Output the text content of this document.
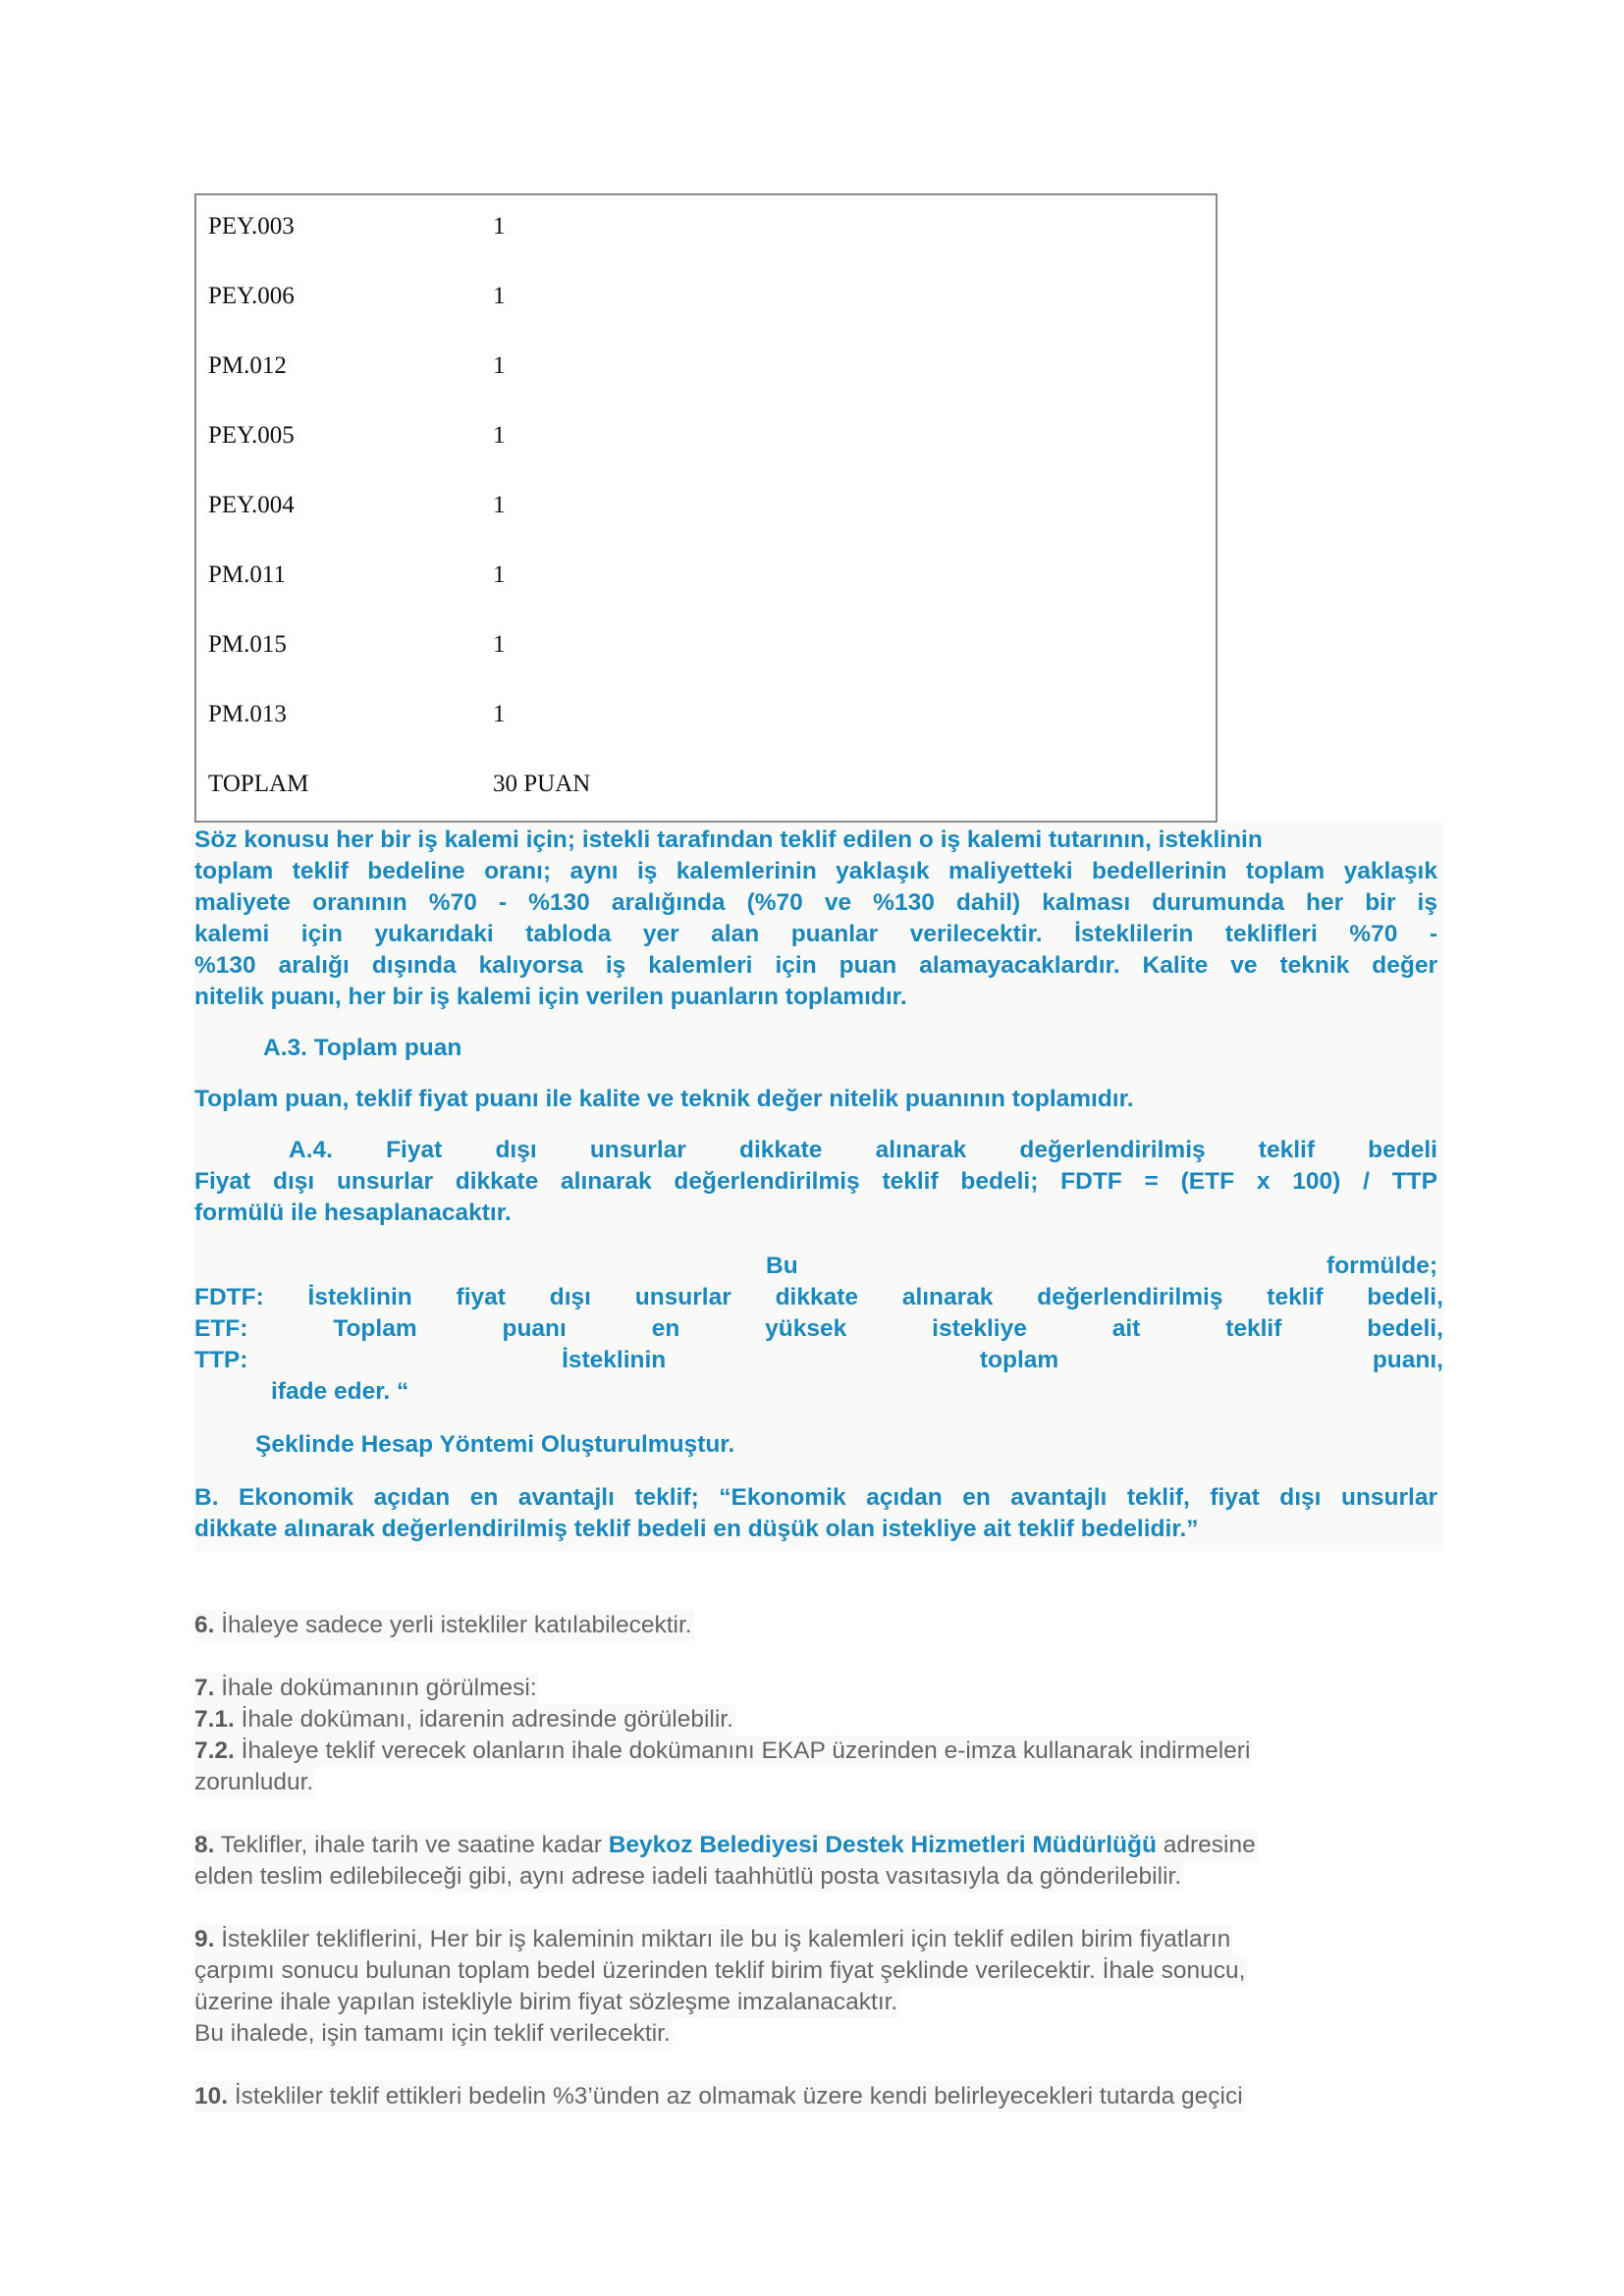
PEY.003	1
PEY.006	1
PM.012	1
PEY.005	1
PEY.004	1
PM.011	1
PM.015	1
PM.013	1
TOPLAM	30 PUAN
Söz konusu her bir iş kalemi için; istekli tarafından teklif edilen o iş kalemi tutarının, isteklinin
toplam teklif bedeline oranı; aynı iş kalemlerinin yaklaşık maliyetteki bedellerinin toplam yaklaşık
maliyete oranının %70 - %130 aralığında (%70 ve %130 dahil) kalması durumunda her bir iş
kalemi için yukarıdaki tabloda yer alan puanlar verilecektir. İsteklilerin teklifleri %70 -
%130 aralığı dışında kalıyorsa iş kalemleri için puan alamayacaklardır. Kalite ve teknik değer
nitelik puanı, her bir iş kalemi için verilen puanların toplamıdır.
A.3. Toplam puan
Toplam puan, teklif fiyat puanı ile kalite ve teknik değer nitelik puanının toplamıdır.
A.4. Fiyat dışı unsurlar dikkate alınarak değerlendirilmiş teklif bedeli
Fiyat dışı unsurlar dikkate alınarak değerlendirilmiş teklif bedeli; FDTF = (ETF x 100) / TTP
formülü ile hesaplanacaktır.
Bu	formülde;
FDTF: İsteklinin fiyat dışı unsurlar dikkate alınarak değerlendirilmiş teklif bedeli,
ETF:	Toplam	puanı	en	yüksek	istekliye	ait	teklif	bedeli,
TTP:	İsteklinin	toplam	puanı,
ifade eder. “
Şeklinde Hesap Yöntemi Oluşturulmuştur.
B. Ekonomik açıdan en avantajlı teklif; “Ekonomik açıdan en avantajlı teklif, fiyat dışı unsurlar
dikkate alınarak değerlendirilmiş teklif bedeli en düşük olan istekliye ait teklif bedelidir.”
6. İhaleye sadece yerli istekliler katılabilecektir.
7. İhale dokümanının görülmesi:
7.1. İhale dokümanı, idarenin adresinde görülebilir.
7.2. İhaleye teklif verecek olanların ihale dokümanını EKAP üzerinden e-imza kullanarak indirmeleri
zorunludur.
8. Teklifler, ihale tarih ve saatine kadar Beykoz Belediyesi Destek Hizmetleri Müdürlüğü adresine
elden teslim edilebileceği gibi, aynı adrese iadeli taahhütlü posta vasıtasıyla da gönderilebilir.
9. İstekliler tekliflerini, Her bir iş kaleminin miktarı ile bu iş kalemleri için teklif edilen birim fiyatların
çarpımı sonucu bulunan toplam bedel üzerinden teklif birim fiyat şeklinde verilecektir. İhale sonucu,
üzerine ihale yapılan istekliyle birim fiyat sözleşme imzalanacaktır.
Bu ihalede, işin tamamı için teklif verilecektir.
10. İstekliler teklif ettikleri bedelin %3’ünden az olmamak üzere kendi belirleyecekleri tutarda geçici
